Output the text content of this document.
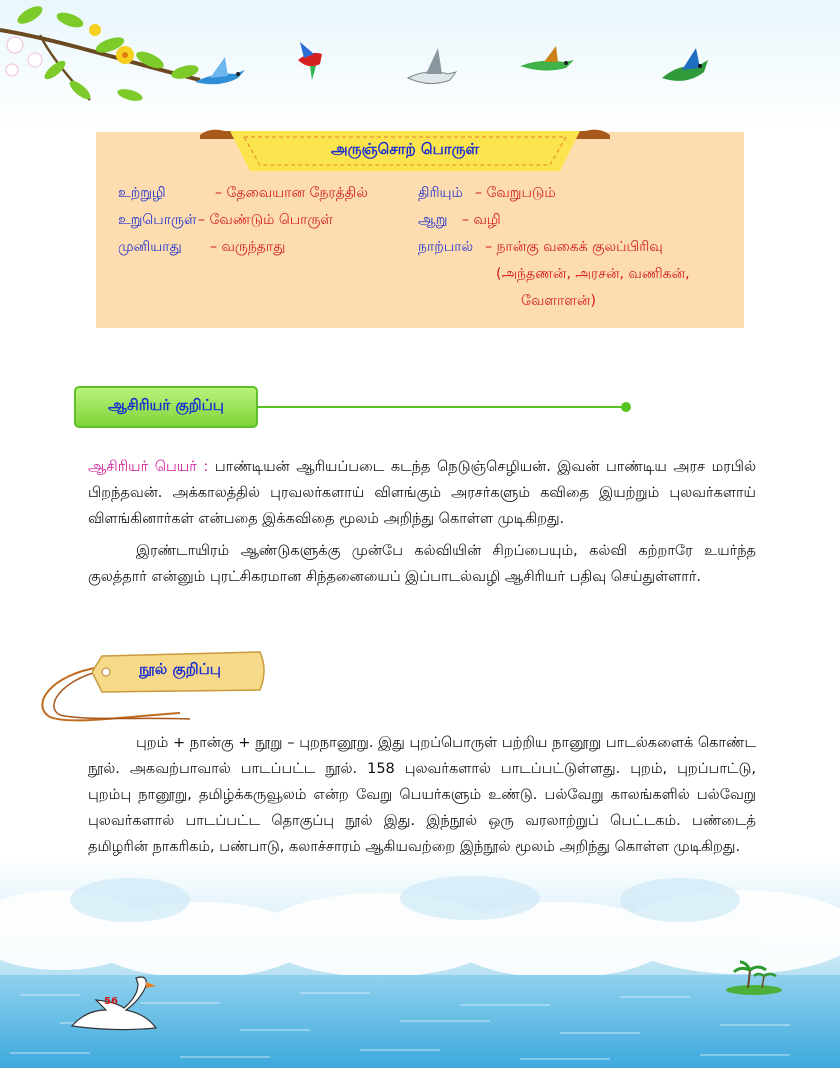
அருஞ்சொற் பொருள்
உற்றுழி	– தேவையான நேரத்தில்
உறுபொருள் – வேண்டும் பொருள்
முனியாது – வருந்தாது
திரியும் – வேறுபடும்
ஆறு – வழி
நாற்பால் – நான்கு வகைக் குலப்பிரிவு
(அந்தணன், அரசன், வணிகன்,
வேளாளன்)
ஆசிரியர் குறிப்பு
ஆசிரியர் பெயர் : பாண்டியன் ஆரியப்படை கடந்த நெடுஞ்செழியன். இவன் பாண்டிய அரச மரபில் பிறந்தவன். அக்காலத்தில் புரவலர்களாய் விளங்கும் அரசர்களும் கவிதை இயற்றும் புலவர்களாய் விளங்கினார்கள் என்பதை இக்கவிதை மூலம் அறிந்து கொள்ள முடிகிறது.
இரண்டாயிரம் ஆண்டுகளுக்கு முன்பே கல்வியின் சிறப்பையும், கல்வி கற்றாரே உயர்ந்த குலத்தார் என்னும் புரட்சிகரமான சிந்தனையைப் இப்பாடல்வழி ஆசிரியர் பதிவு செய்துள்ளார்.
நூல் குறிப்பு
புறம் + நான்கு + நூறு – புறநானூறு. இது புறப்பொருள் பற்றிய நானூறு பாடல்களைக் கொண்ட நூல். அகவற்பாவால் பாடப்பட்ட நூல். 158 புலவர்களால் பாடப்பட்டுள்ளது. புறம், புறப்பாட்டு, புறம்பு நானூறு, தமிழ்க்கருவூலம் என்ற வேறு பெயர்களும் உண்டு. பல்வேறு காலங்களில் பல்வேறு புலவர்களால் பாடப்பட்ட தொகுப்பு நூல் இது. இந்நூல் ஒரு வரலாற்றுப் பெட்டகம். பண்டைத் தமிழரின் நாகரிகம், பண்பாடு, கலாச்சாரம் ஆகியவற்றை இந்நூல் மூலம் அறிந்து கொள்ள முடிகிறது.
56
